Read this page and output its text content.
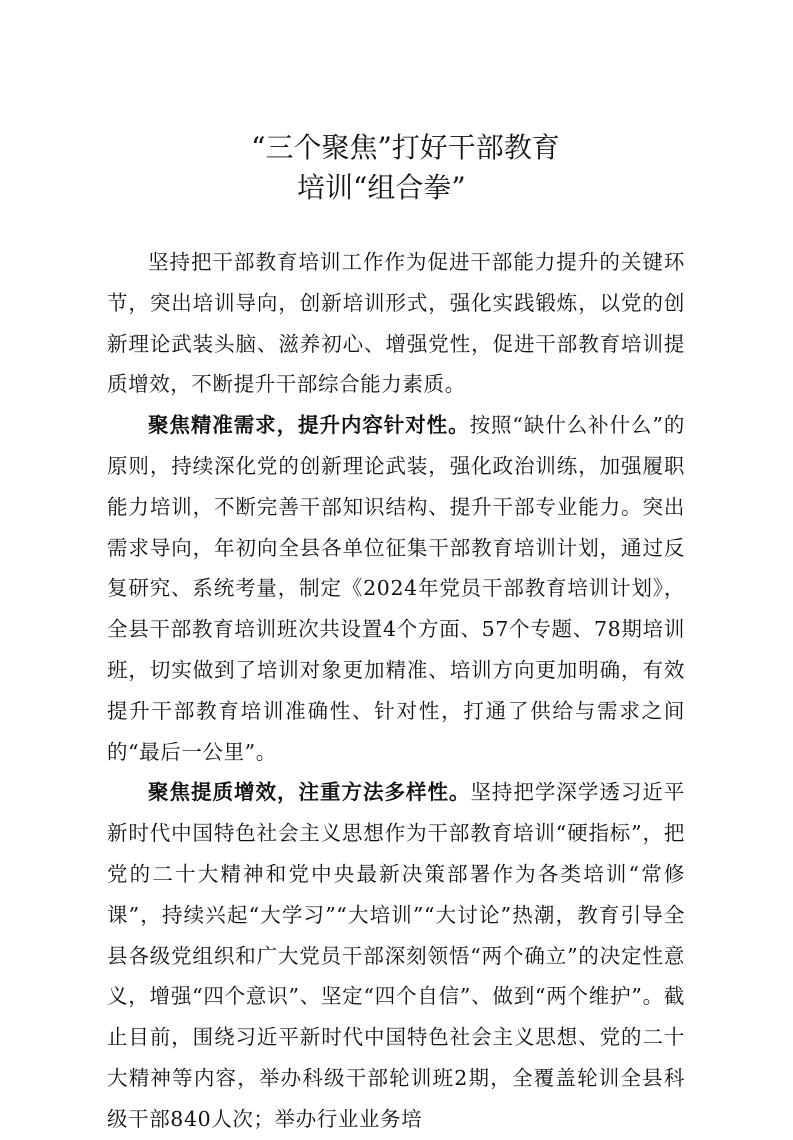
“三个聚焦”打好干部教育
培训“组合拳”

坚持把干部教育培训工作作为促进干部能力提升的关键环节，突出培训导向，创新培训形式，强化实践锻炼，以党的创新理论武装头脑、滋养初心、增强党性，促进干部教育培训提质增效，不断提升干部综合能力素质。

聚焦精准需求，提升内容针对性。按照“缺什么补什么”的原则，持续深化党的创新理论武装，强化政治训练，加强履职能力培训，不断完善干部知识结构、提升干部专业能力。突出需求导向，年初向全县各单位征集干部教育培训计划，通过反复研究、系统考量，制定《2024年党员干部教育培训计划》，全县干部教育培训班次共设置4个方面、57个专题、78期培训班，切实做到了培训对象更加精准、培训方向更加明确，有效提升干部教育培训准确性、针对性，打通了供给与需求之间的“最后一公里”。

聚焦提质增效，注重方法多样性。坚持把学深学透习近平新时代中国特色社会主义思想作为干部教育培训“硬指标”，把党的二十大精神和党中央最新决策部署作为各类培训“常修课”，持续兴起“大学习”“大培训”“大讨论”热潮，教育引导全县各级党组织和广大党员干部深刻领悟“两个确立”的决定性意义，增强“四个意识”、坚定“四个自信”、做到“两个维护”。截止目前，围绕习近平新时代中国特色社会主义思想、党的二十大精神等内容，举办科级干部轮训班2期，全覆盖轮训全县科级干部840人次；举办行业业务培
